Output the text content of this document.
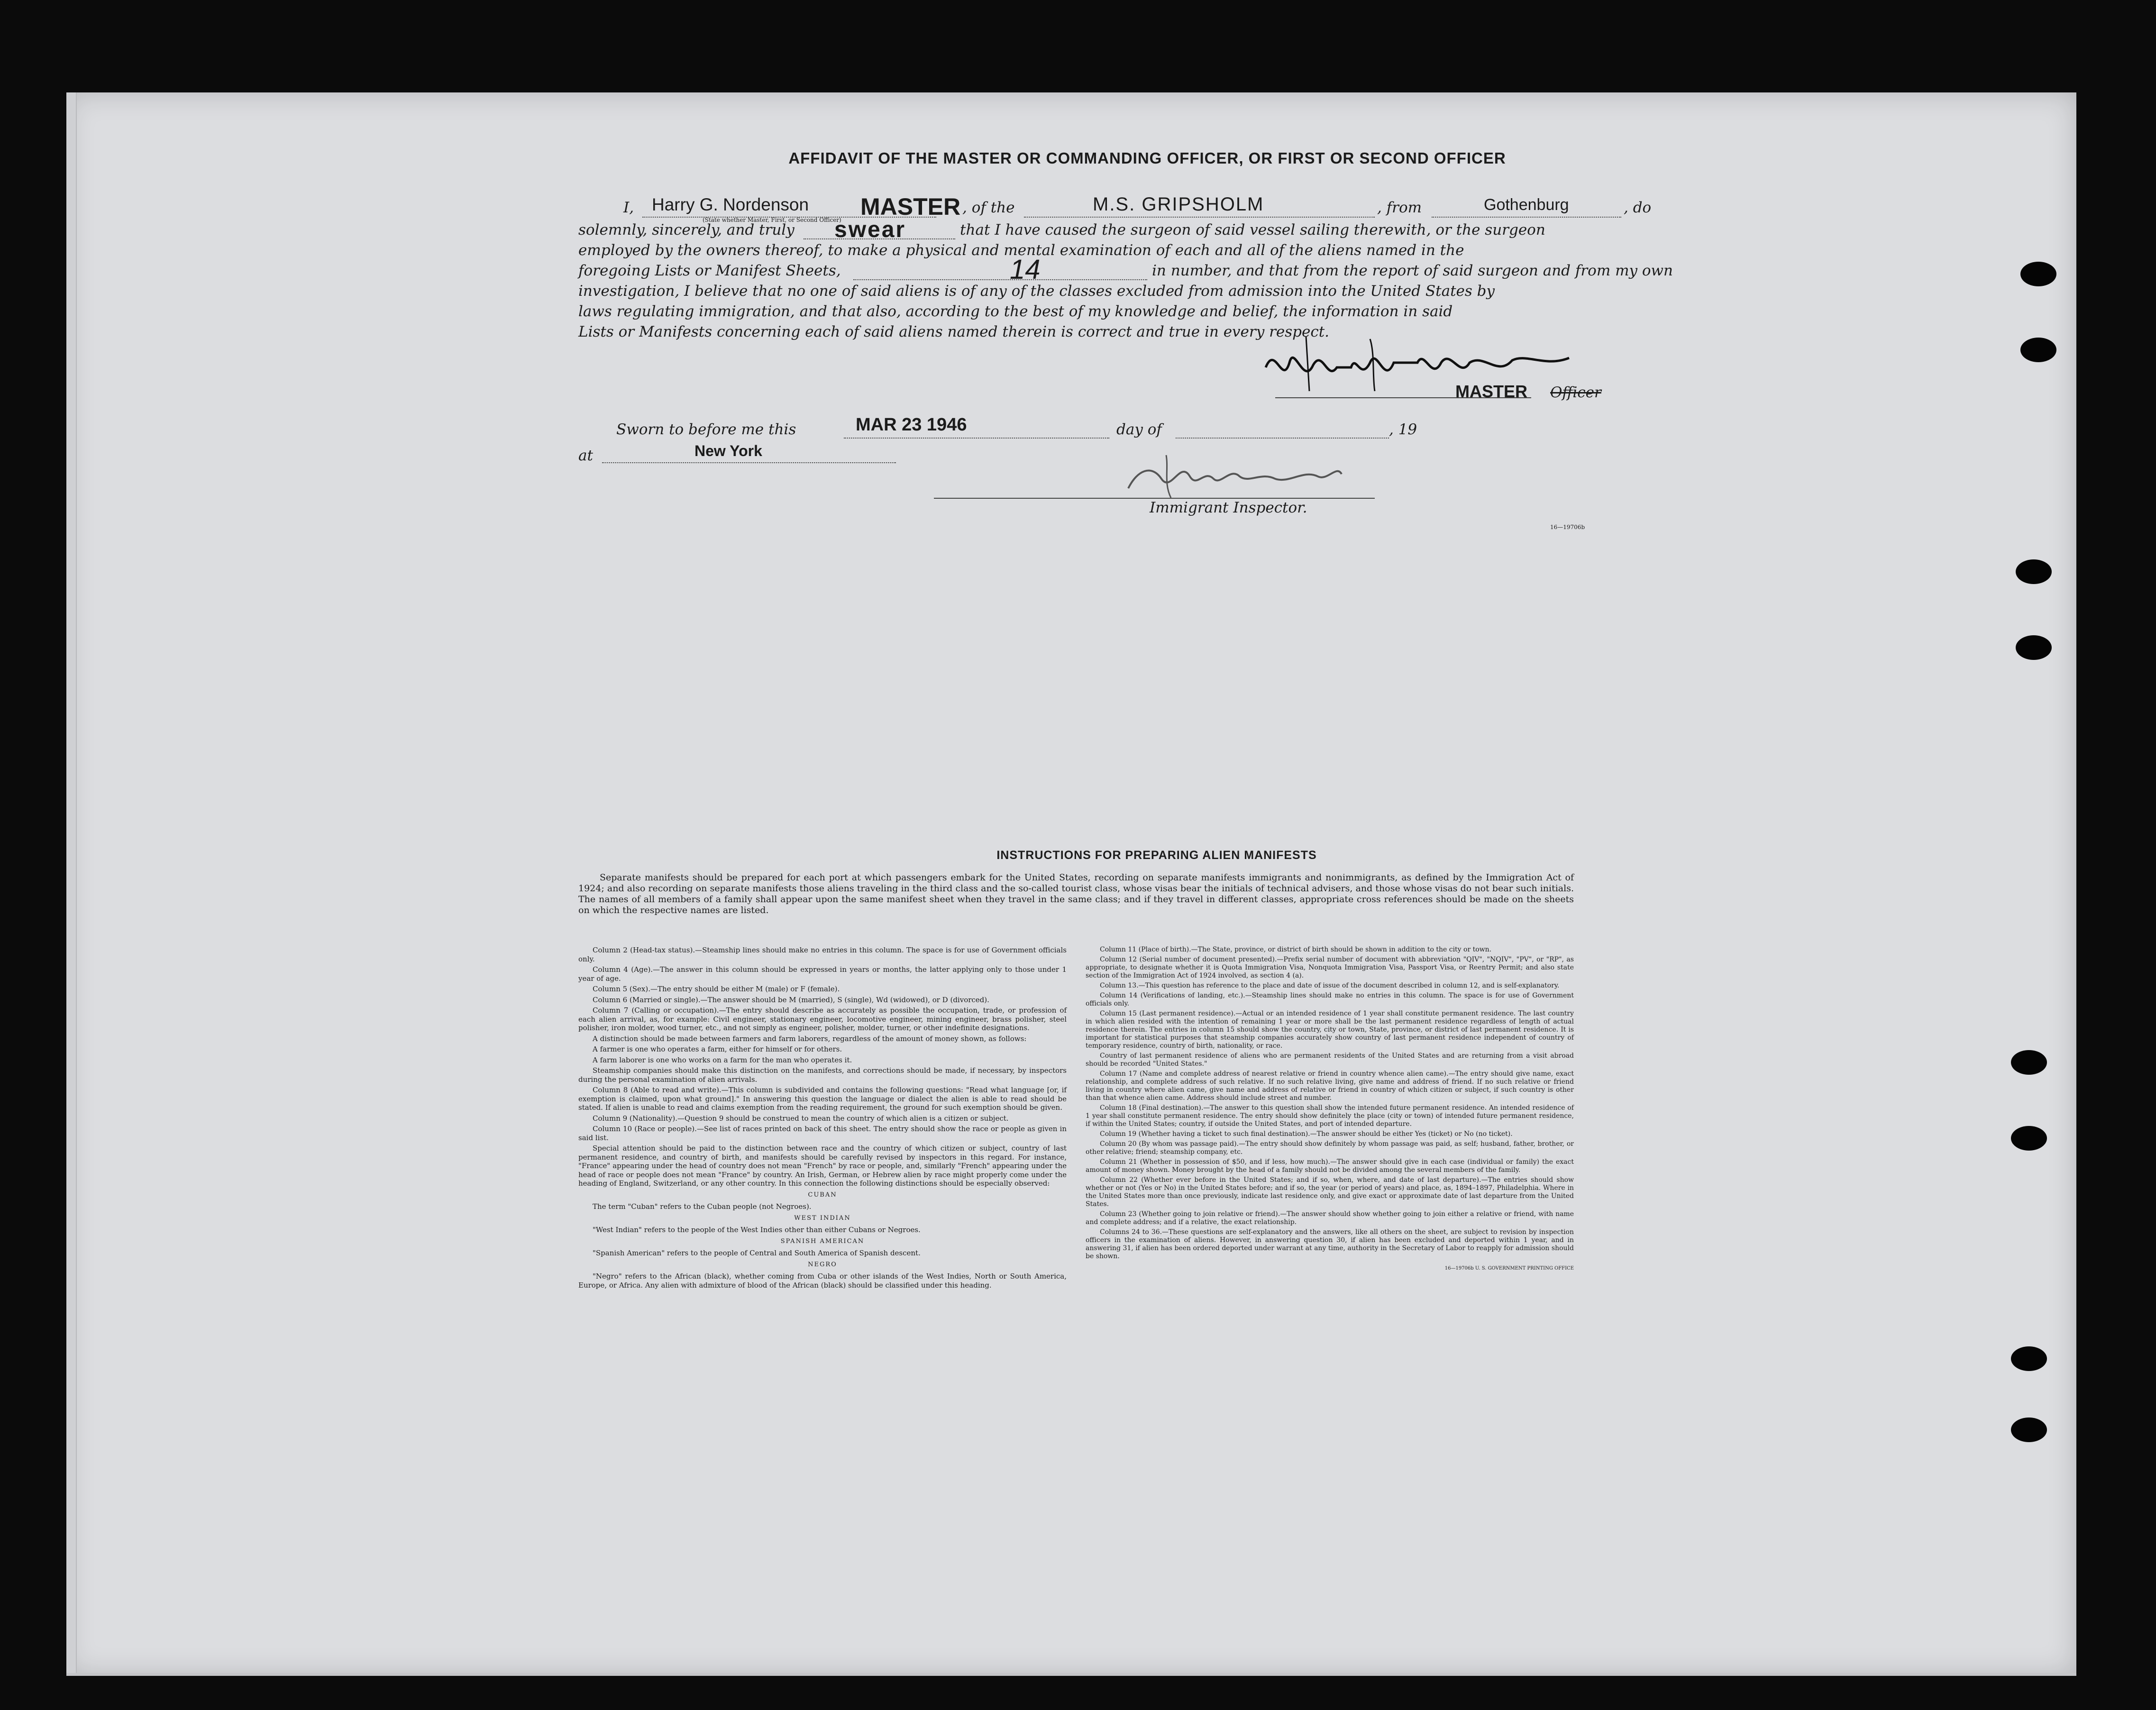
AFFIDAVIT OF THE MASTER OR COMMANDING OFFICER, OR FIRST OR SECOND OFFICER
I, Harry G. Nordenson MASTER
(State whether Master, First, or Second Officer)
, of the	M.S. GRIPSHOLM	, from	Gothenburg	, do
solemnly, sincerely, and truly swear	that I have caused the surgeon of said vessel sailing therewith, or the surgeon
employed by the owners thereof, to make a physical and mental examination of each and all of the aliens named in the
foregoing Lists or Manifest Sheets,	14	in number, and that from the report of said surgeon and from my own
investigation, I believe that no one of said aliens is of any of the classes excluded from admission into the United States by
laws regulating immigration, and that also, according to the best of my knowledge and belief, the information in said
Lists or Manifests concerning each of said aliens named therein is correct and true in every respect.
MASTER Officer
Sworn to before me this	MAR 23 1946	day of	, 19
at	New York
Immigrant Inspector.
16—19706b
INSTRUCTIONS FOR PREPARING ALIEN MANIFESTS
Separate manifests should be prepared for each port at which passengers embark for the United States, recording on separate manifests immigrants and nonimmigrants, as defined by the Immigration Act of 1924; and also recording on separate manifests those aliens traveling in the third class and the so-called tourist class, whose visas bear the initials of technical advisers, and those whose visas do not bear such initials. The names of all members of a family shall appear upon the same manifest sheet when they travel in the same class; and if they travel in different classes, appropriate cross references should be made on the sheets on which the respective names are listed.

Column 2 (Head-tax status).—Steamship lines should make no entries in this column. The space is for use of Government officials only.

Column 4 (Age).—The answer in this column should be expressed in years or months, the latter applying only to those under 1 year of age.

Column 5 (Sex).—The entry should be either M (male) or F (female).

Column 6 (Married or single).—The answer should be M (married), S (single), Wd (widowed), or D (divorced).

Column 7 (Calling or occupation).—The entry should describe as accurately as possible the occupation, trade, or profession of each alien arrival, as, for example: Civil engineer, stationary engineer, locomotive engineer, mining engineer, brass polisher, steel polisher, iron molder, wood turner, etc., and not simply as engineer, polisher, molder, turner, or other indefinite designations.

A distinction should be made between farmers and farm laborers, regardless of the amount of money shown, as follows:

A farmer is one who operates a farm, either for himself or for others.

A farm laborer is one who works on a farm for the man who operates it.

Steamship companies should make this distinction on the manifests, and corrections should be made, if necessary, by inspectors during the personal examination of alien arrivals.

Column 8 (Able to read and write).—This column is subdivided and contains the following questions: "Read what language [or, if exemption is claimed, upon what ground]." In answering this question the language or dialect the alien is able to read should be stated. If alien is unable to read and claims exemption from the reading requirement, the ground for such exemption should be given.

Column 9 (Nationality).—Question 9 should be construed to mean the country of which alien is a citizen or subject.

Column 10 (Race or people).—See list of races printed on back of this sheet. The entry should show the race or people as given in said list.

Special attention should be paid to the distinction between race and the country of which citizen or subject, country of last permanent residence, and country of birth, and manifests should be carefully revised by inspectors in this regard. For instance, "France" appearing under the head of country does not mean "French" by race or people, and, similarly "French" appearing under the head of race or people does not mean "France" by country. An Irish, German, or Hebrew alien by race might properly come under the heading of England, Switzerland, or any other country. In this connection the following distinctions should be especially observed:

CUBAN

The term "Cuban" refers to the Cuban people (not Negroes).

WEST INDIAN

"West Indian" refers to the people of the West Indies other than either Cubans or Negroes.

SPANISH AMERICAN

"Spanish American" refers to the people of Central and South America of Spanish descent.

NEGRO

"Negro" refers to the African (black), whether coming from Cuba or other islands of the West Indies, North or South America, Europe, or Africa. Any alien with admixture of blood of the African (black) should be classified under this heading.

Column 11 (Place of birth).—The State, province, or district of birth should be shown in addition to the city or town.

Column 12 (Serial number of document presented).—Prefix serial number of document with abbreviation "QIV", "NQIV", "PV", or "RP", as appropriate, to designate whether it is Quota Immigration Visa, Nonquota Immigration Visa, Passport Visa, or Reentry Permit; and also state section of the Immigration Act of 1924 involved, as section 4 (a).

Column 13.—This question has reference to the place and date of issue of the document described in column 12, and is self-explanatory.

Column 14 (Verifications of landing, etc.).—Steamship lines should make no entries in this column. The space is for use of Government officials only.

Column 15 (Last permanent residence).—Actual or an intended residence of 1 year shall constitute permanent residence. The last country in which alien resided with the intention of remaining 1 year or more shall be the last permanent residence regardless of length of actual residence therein. The entries in column 15 should show the country, city or town, State, province, or district of last permanent residence. It is important for statistical purposes that steamship companies accurately show country of last permanent residence independent of country of temporary residence, country of birth, nationality, or race.

Country of last permanent residence of aliens who are permanent residents of the United States and are returning from a visit abroad should be recorded "United States."

Column 17 (Name and complete address of nearest relative or friend in country whence alien came).—The entry should give name, exact relationship, and complete address of such relative. If no such relative living, give name and address of friend. If no such relative or friend living in country where alien came, give name and address of relative or friend in country of which citizen or subject, if such country is other than that whence alien came. Address should include street and number.

Column 18 (Final destination).—The answer to this question shall show the intended future permanent residence. An intended residence of 1 year shall constitute permanent residence. The entry should show definitely the place (city or town) of intended future permanent residence, if within the United States; country, if outside the United States, and port of intended departure.

Column 19 (Whether having a ticket to such final destination).—The answer should be either Yes (ticket) or No (no ticket).

Column 20 (By whom was passage paid).—The entry should show definitely by whom passage was paid, as self; husband, father, brother, or other relative; friend; steamship company, etc.

Column 21 (Whether in possession of $50, and if less, how much).—The answer should give in each case (individual or family) the exact amount of money shown. Money brought by the head of a family should not be divided among the several members of the family.

Column 22 (Whether ever before in the United States; and if so, when, where, and date of last departure).—The entries should show whether or not (Yes or No) in the United States before; and if so, the year (or period of years) and place, as, 1894–1897, Philadelphia. Where in the United States more than once previously, indicate last residence only, and give exact or approximate date of last departure from the United States.

Column 23 (Whether going to join relative or friend).—The answer should show whether going to join either a relative or friend, with name and complete address; and if a relative, the exact relationship.

Columns 24 to 36.—These questions are self-explanatory and the answers, like all others on the sheet, are subject to revision by inspection officers in the examination of aliens. However, in answering question 30, if alien has been excluded and deported within 1 year, and in answering 31, if alien has been ordered deported under warrant at any time, authority in the Secretary of Labor to reapply for admission should be shown.

16—19706b U. S. GOVERNMENT PRINTING OFFICE
